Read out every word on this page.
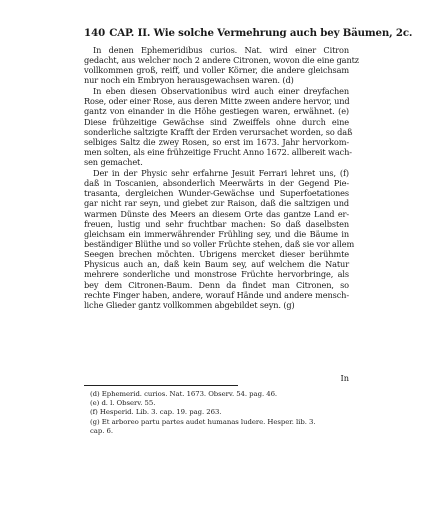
140 CAP. II. Wie solche Vermehrung auch bey Bäumen, 2c.
In denen Ephemeridibus curios. Nat. wird einer Citron
gedacht, aus welcher noch 2 andere Citronen, wovon die eine gantz
vollkommen groß, reiff, und voller Körner, die andere gleichsam
nur noch ein Embryon herausgewachsen waren. (d)
In eben diesen Observationibus wird auch einer dreyfachen
Rose, oder einer Rose, aus deren Mitte zween andere hervor, und
gantz von einander in die Höhe gestiegen waren, erwähnet. (e)
Diese frühzeitige Gewächse sind Zweiffels ohne durch eine
sonderliche saltzigte Krafft der Erden verursachet worden, so daß
selbiges Saltz die zwey Rosen, so erst im 1673. Jahr hervorkom-
men solten, als eine frühzeitige Frucht Anno 1672. allbereit wach-
sen gemachet.
Der in der Physic sehr erfahrne Jesuit Ferrari lehret uns, (f)
daß in Toscanien, absonderlich Meerwärts in der Gegend Pie-
trasanta, dergleichen Wunder-Gewächse und Superfoetationes
gar nicht rar seyn, und giebet zur Raison, daß die saltzigen und
warmen Dünste des Meers an diesem Orte das gantze Land er-
freuen, lustig und sehr fruchtbar machen: So daß daselbsten
gleichsam ein immerwährender Frühling sey, und die Bäume in
beständiger Blüthe und so voller Früchte stehen, daß sie vor allem
Seegen brechen möchten. Ubrigens mercket dieser berühmte
Physicus auch an, daß kein Baum sey, auf welchem die Natur
mehrere sonderliche und monstrose Früchte hervorbringe, als
bey dem Citronen-Baum. Denn da findet man Citronen, so
rechte Finger haben, andere, worauf Hände und andere mensch-
liche Glieder gantz vollkommen abgebildet seyn. (g)
In
(d) Ephemerid. curios. Nat. 1673. Observ. 54. pag. 46.
(e) d. l. Observ. 55.
(f) Hesperid. Lib. 3. cap. 19. pag. 263.
(g) Et arboreo partu partes audet humanas ludere. Hesper. lib. 3.
cap. 6.
